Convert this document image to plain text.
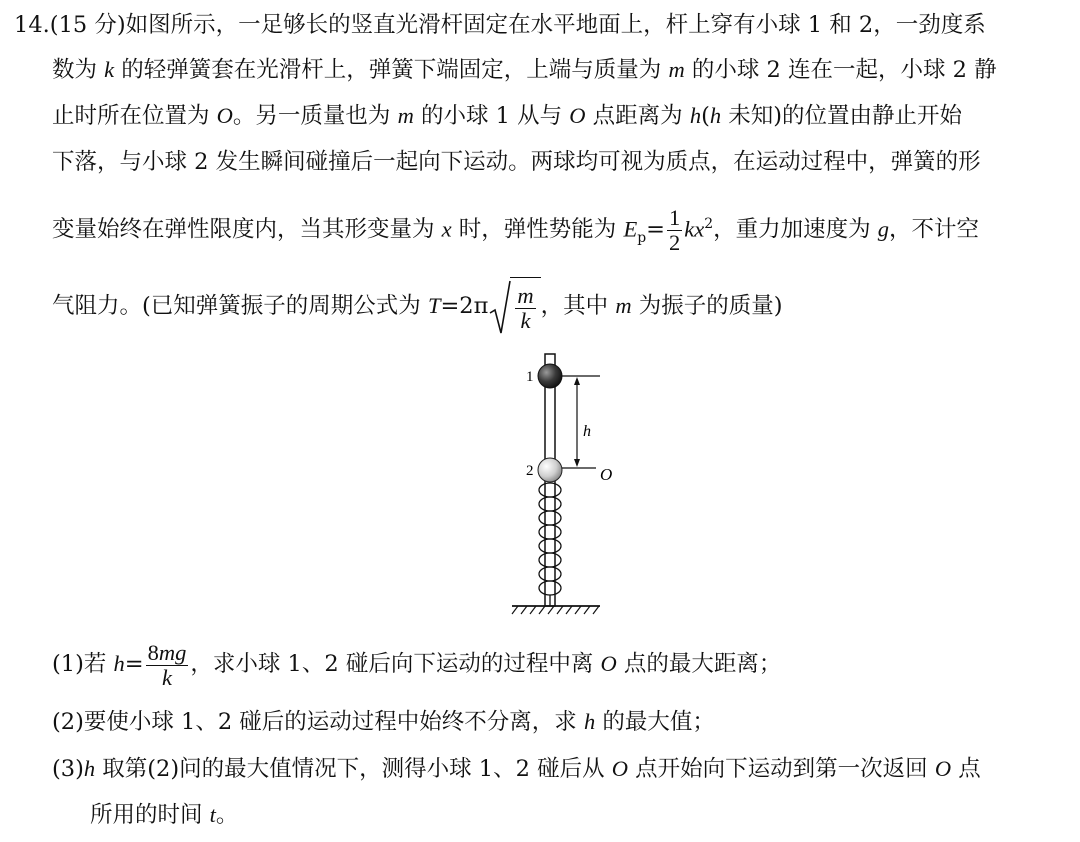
14.(15 分)如图所示，一足够长的竖直光滑杆固定在水平地面上，杆上穿有小球 1 和 2，一劲度系
数为 k 的轻弹簧套在光滑杆上，弹簧下端固定，上端与质量为 m 的小球 2 连在一起，小球 2 静
止时所在位置为 O。另一质量也为 m 的小球 1 从与 O 点距离为 h(h 未知)的位置由静止开始
下落，与小球 2 发生瞬间碰撞后一起向下运动。两球均可视为质点，在运动过程中，弹簧的形
变量始终在弹性限度内，当其形变量为 x 时，弹性势能为 $E_p= \frac{1}{2} kx^2$，重力加速度为 g，不计空
气阻力。(已知弹簧振子的周期公式为 $T=2\pi \frac{m}{k}$ ，其中 m 为振子的质量)
1
2
h
O
(1)若 $h= \frac{8mg}{k}$ ，求小球 1、2 碰后向下运动的过程中离 O 点的最大距离；
(2)要使小球 1、2 碰后的运动过程中始终不分离，求 h 的最大值；
(3)h 取第(2)问的最大值情况下，测得小球 1、2 碰后从 O 点开始向下运动到第一次返回 O 点
所用的时间 t。
